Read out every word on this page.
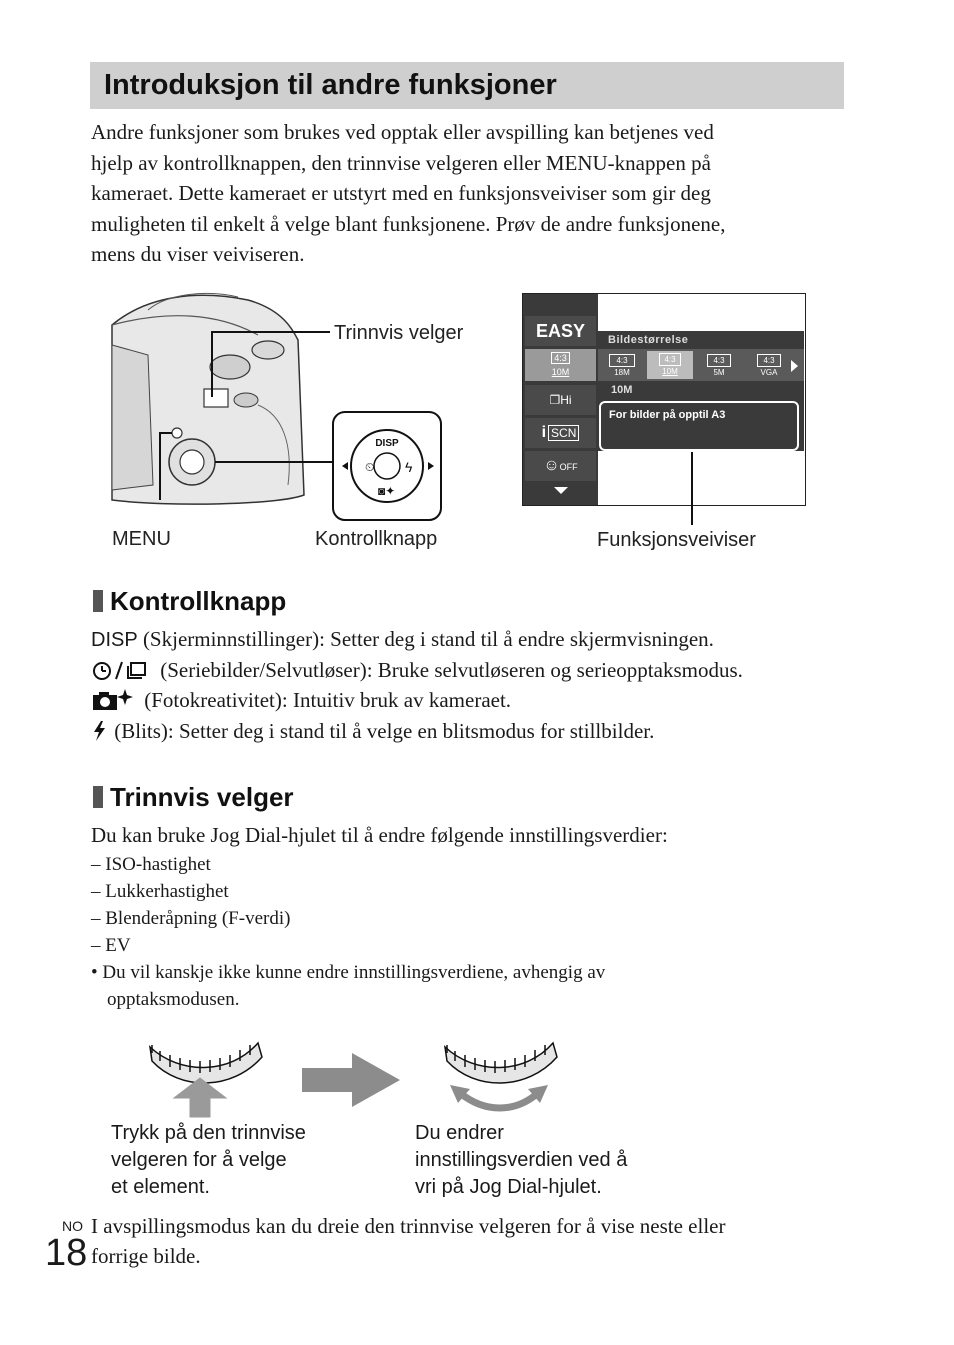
Introduksjon til andre funksjoner
Andre funksjoner som brukes ved opptak eller avspilling kan betjenes ved
hjelp av kontrollknappen, den trinnvise velgeren eller MENU-knappen på
kameraet. Dette kameraet er utstyrt med en funksjonsveiviser som gir deg
muligheten til enkelt å velge blant funksjonene. Prøv de andre funksjonene,
mens du viser veiviseren.
DISP
⏲ ϟ
◙✦
Trinnvis velger
MENU	Kontrollknapp
EASY
4:3
10M
❐Hi
i SCN
☺OFF
Bildestørrelse
4:3
18M
4:3
10M
4:3
5M
4:3
VGA
10M
For bilder på opptil A3
Funksjonsveiviser
Kontrollknapp
DISP (Skjerminnstillinger): Setter deg i stand til å endre skjermvisningen.
(Seriebilder/Selvutløser): Bruke selvutløseren og serieopptaksmodus.
(Fotokreativitet): Intuitiv bruk av kameraet.
(Blits): Setter deg i stand til å velge en blitsmodus for stillbilder.
Trinnvis velger
Du kan bruke Jog Dial-hjulet til å endre følgende innstillingsverdier:
– ISO-hastighet
– Lukkerhastighet
– Blenderåpning (F-verdi)
– EV
• Du vil kanskje ikke kunne endre innstillingsverdiene, avhengig av
opptaksmodusen.
Trykk på den trinnvise
velgeren for å velge
et element.
Du endrer
innstillingsverdien ved å
vri på Jog Dial-hjulet.
NO
18
I avspillingsmodus kan du dreie den trinnvise velgeren for å vise neste eller
forrige bilde.
